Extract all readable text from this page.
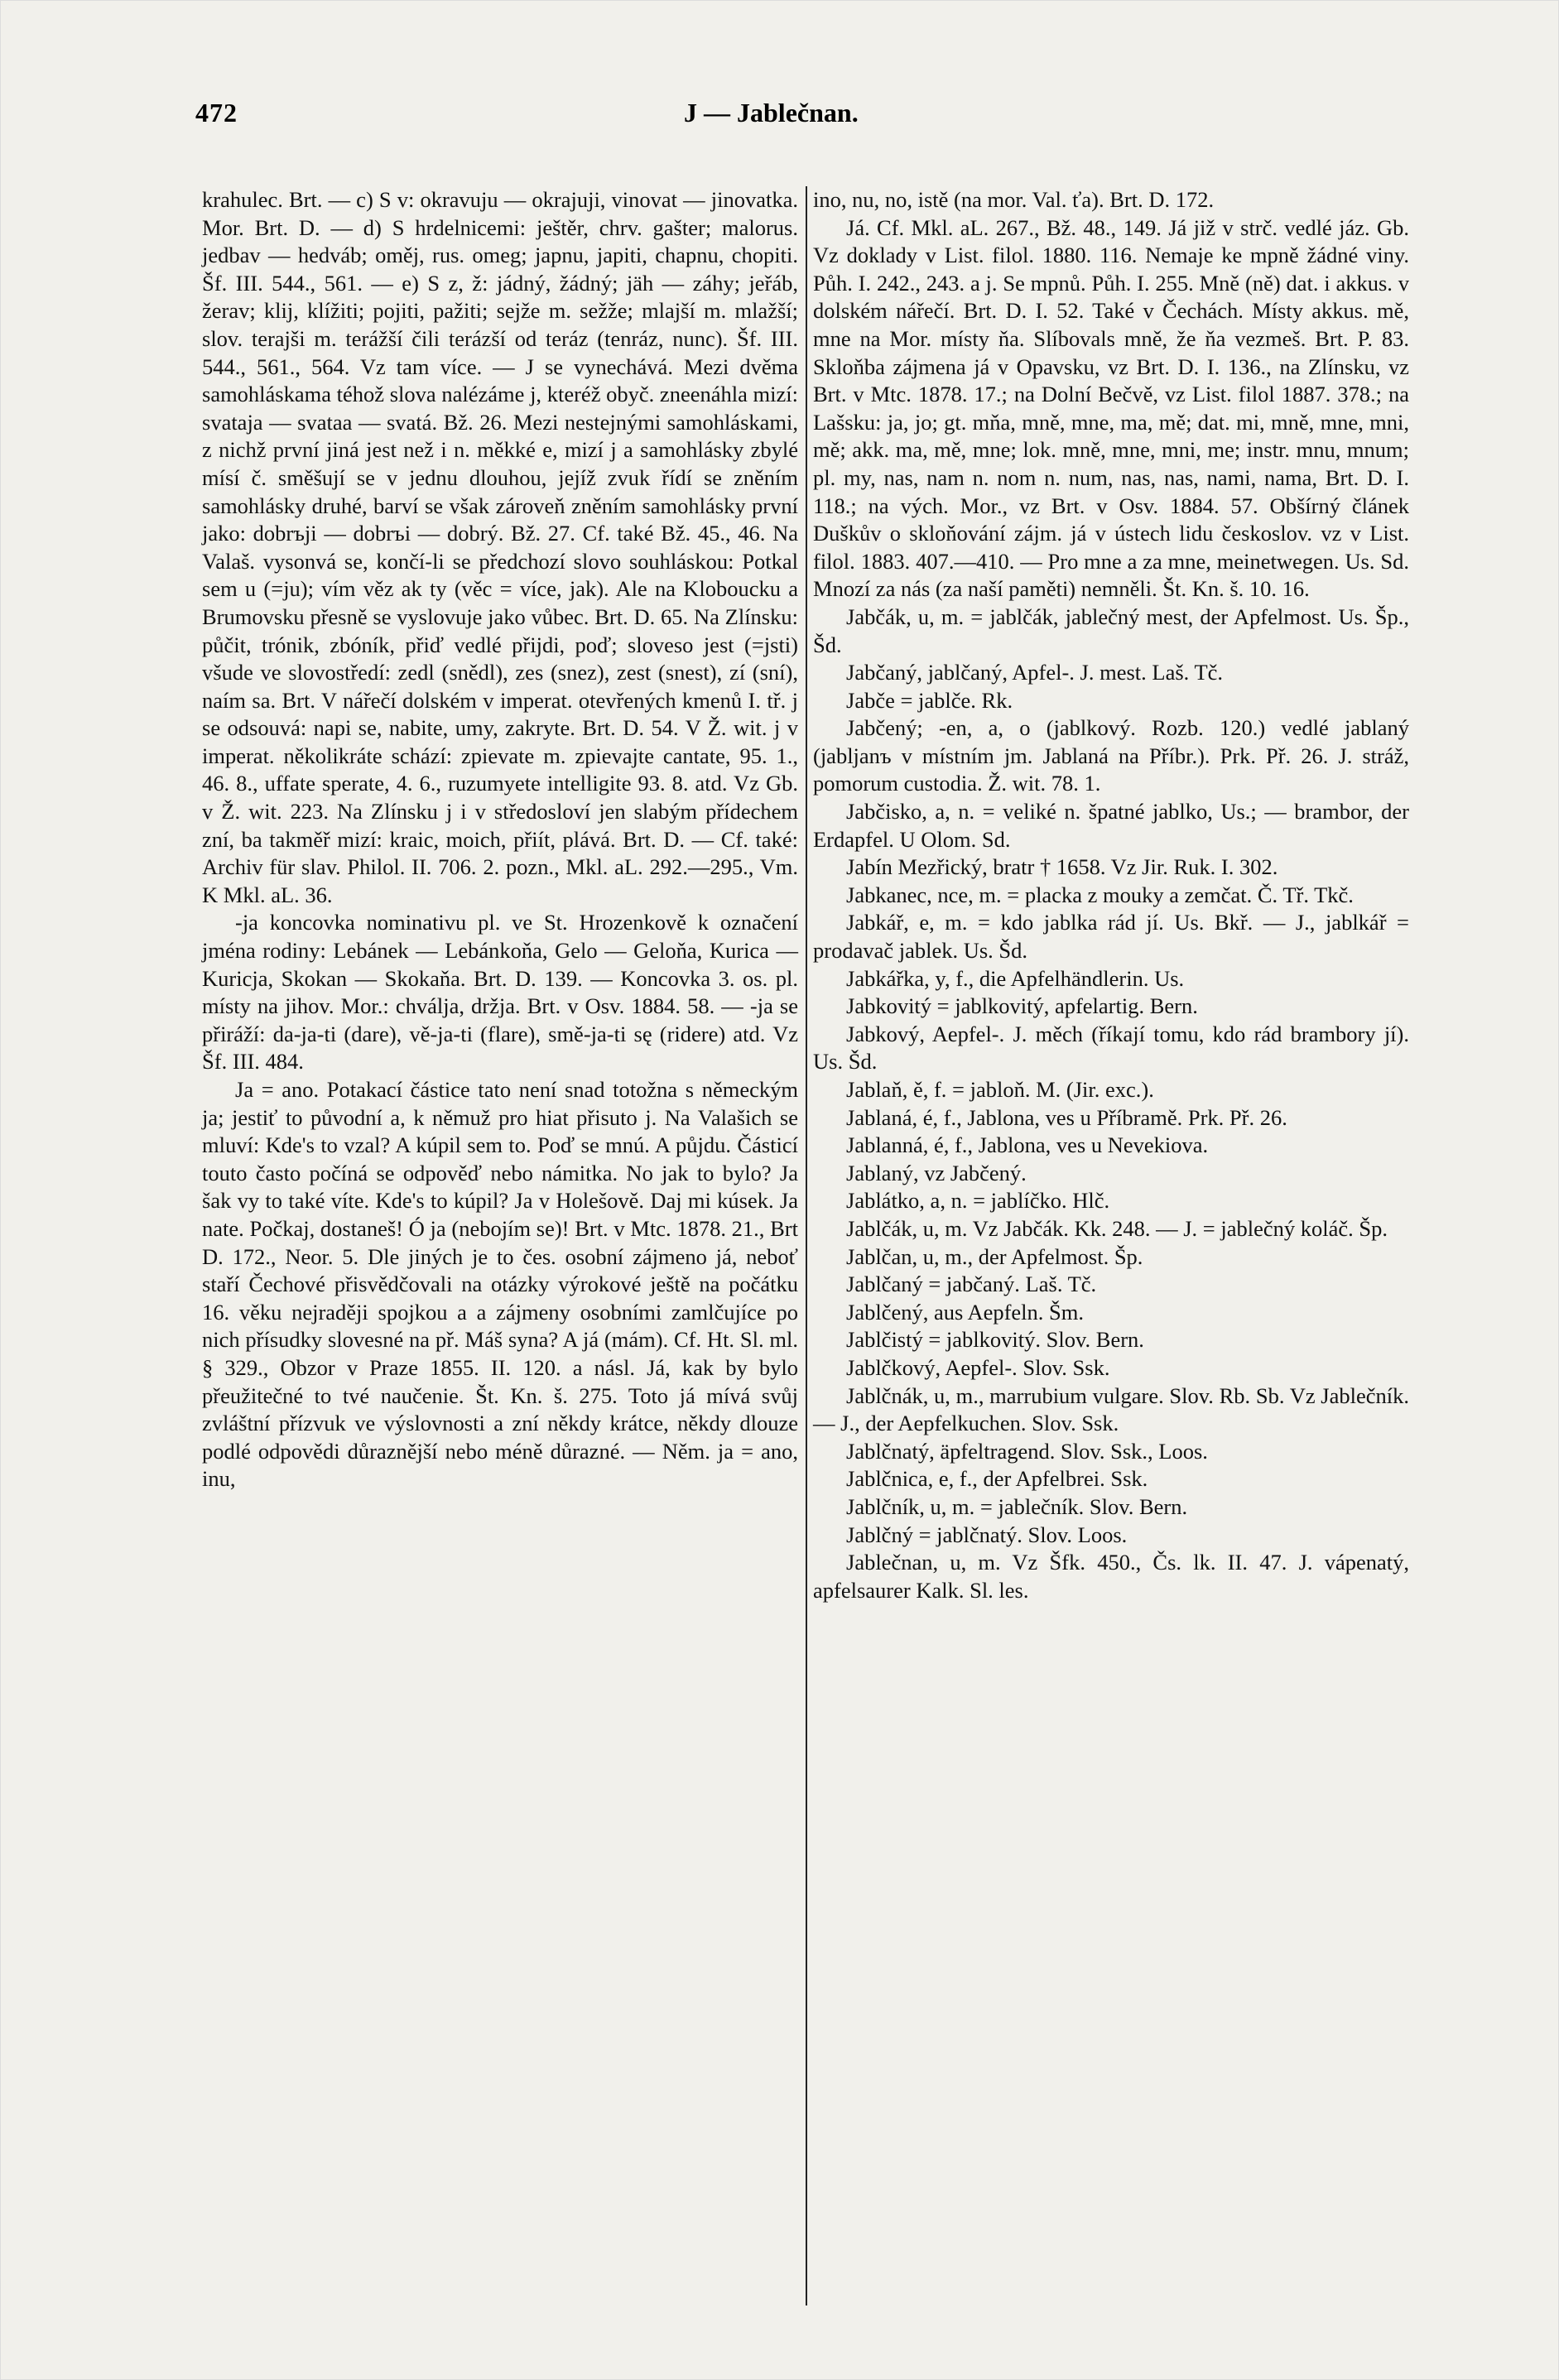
472	J — Jablečnan.

krahulec. Brt. — c) S v: okravuju — okrajuji, vinovat — jinovatka. Mor. Brt. D. — d) S hrdelnicemi: ještěr, chrv. gašter; malorus. jedbav — hedváb; oměj, rus. omeg; japnu, japiti, chapnu, chopiti. Šf. III. 544., 561. — e) S z, ž: jádný, žádný; jäh — záhy; jeřáb, žerav; klij, klížiti; pojiti, pažiti; sejže m. sežže; mlajší m. mlažší; slov. terajši m. terážší čili terázší od teráz (tenráz, nunc). Šf. III. 544., 561., 564. Vz tam více. — J se vynechává. Mezi dvěma samohláskama téhož slova nalézáme j, kteréž obyč. zneenáhla mizí: svataja — svataa — svatá. Bž. 26. Mezi nestejnými samohláskami, z nichž první jiná jest než i n. měkké e, mizí j a samohlásky zbylé mísí č. směšují se v jednu dlouhou, jejíž zvuk řídí se zněním samohlásky druhé, barví se však zároveň zněním samohlásky první jako: dobrъji — dobrъi — dobrý. Bž. 27. Cf. také Bž. 45., 46. Na Valaš. vysonvá se, končí-li se předchozí slovo souhláskou: Potkal sem u (=ju); vím věz ak ty (věc = více, jak). Ale na Kloboucku a Brumovsku přesně se vyslovuje jako vůbec. Brt. D. 65. Na Zlínsku: půčit, trónik, zbóník, přiď vedlé přijdi, poď; sloveso jest (=jsti) všude ve slovostředí: zedl (snědl), zes (snez), zest (snest), zí (sní), naím sa. Brt. V nářečí dolském v imperat. otevřených kmenů I. tř. j se odsouvá: napi se, nabite, umy, zakryte. Brt. D. 54. V Ž. wit. j v imperat. několikráte schází: zpievate m. zpievajte cantate, 95. 1., 46. 8., uffate sperate, 4. 6., ruzumyete intelligite 93. 8. atd. Vz Gb. v Ž. wit. 223. Na Zlínsku j i v středosloví jen slabým přídechem zní, ba takměř mizí: kraic, moich, přiít, plává. Brt. D. — Cf. také: Archiv für slav. Philol. II. 706. 2. pozn., Mkl. aL. 292.—295., Vm. K Mkl. aL. 36.

-ja koncovka nominativu pl. ve St. Hrozenkově k označení jména rodiny: Lebánek — Lebánkoňa, Gelo — Geloňa, Kurica — Kuricja, Skokan — Skokaňa. Brt. D. 139. — Koncovka 3. os. pl. místy na jihov. Mor.: chválja, držja. Brt. v Osv. 1884. 58. — -ja se přiráží: da-ja-ti (dare), vě-ja-ti (flare), smě-ja-ti sę (ridere) atd. Vz Šf. III. 484.

Ja = ano. Potakací částice tato není snad totožna s německým ja; jestiť to původní a, k němuž pro hiat přisuto j. Na Valašich se mluví: Kde's to vzal? A kúpil sem to. Poď se mnú. A půjdu. Částicí touto často počíná se odpověď nebo námitka. No jak to bylo? Ja šak vy to také víte. Kde's to kúpil? Ja v Holešově. Daj mi kúsek. Ja nate. Počkaj, dostaneš! Ó ja (nebojím se)! Brt. v Mtc. 1878. 21., Brt D. 172., Neor. 5. Dle jiných je to čes. osobní zájmeno já, neboť staří Čechové přisvědčovali na otázky výrokové ještě na počátku 16. věku nejraději spojkou a a zájmeny osobními zamlčujíce po nich přísudky slovesné na př. Máš syna? A já (mám). Cf. Ht. Sl. ml. § 329., Obzor v Praze 1855. II. 120. a násl. Já, kak by bylo přeužitečné to tvé naučenie. Št. Kn. š. 275. Toto já mívá svůj zvláštní přízvuk ve výslovnosti a zní někdy krátce, někdy dlouze podlé odpovědi důraznější nebo méně důrazné. — Něm. ja = ano, inu,

ino, nu, no, istě (na mor. Val. ťa). Brt. D. 172.

Já. Cf. Mkl. aL. 267., Bž. 48., 149. Já již v strč. vedlé jáz. Gb. Vz doklady v List. filol. 1880. 116. Nemaje ke mpně žádné viny. Půh. I. 242., 243. a j. Se mpnů. Půh. I. 255. Mně (ně) dat. i akkus. v dolském nářečí. Brt. D. I. 52. Také v Čechách. Místy akkus. mě, mne na Mor. místy ňa. Slíbovals mně, že ňa vezmeš. Brt. P. 83. Skloňba zájmena já v Opavsku, vz Brt. D. I. 136., na Zlínsku, vz Brt. v Mtc. 1878. 17.; na Dolní Bečvě, vz List. filol 1887. 378.; na Lašsku: ja, jo; gt. mňa, mně, mne, ma, mě; dat. mi, mně, mne, mni, mě; akk. ma, mě, mne; lok. mně, mne, mni, me; instr. mnu, mnum; pl. my, nas, nam n. nom n. num, nas, nas, nami, nama, Brt. D. I. 118.; na vých. Mor., vz Brt. v Osv. 1884. 57. Obšírný článek Duškův o skloňování zájm. já v ústech lidu českoslov. vz v List. filol. 1883. 407.—410. — Pro mne a za mne, meinetwegen. Us. Sd. Mnozí za nás (za naší paměti) nemněli. Št. Kn. š. 10. 16.

Jabčák, u, m. = jablčák, jablečný mest, der Apfelmost. Us. Šp., Šd.

Jabčaný, jablčaný, Apfel-. J. mest. Laš. Tč.

Jabče = jablče. Rk.

Jabčený; -en, a, o (jablkový. Rozb. 120.) vedlé jablaný (jabljanъ v místním jm. Jablaná na Příbr.). Prk. Př. 26. J. stráž, pomorum custodia. Ž. wit. 78. 1.

Jabčisko, a, n. = veliké n. špatné jablko, Us.; — brambor, der Erdapfel. U Olom. Sd.

Jabín Mezřický, bratr † 1658. Vz Jir. Ruk. I. 302.

Jabkanec, nce, m. = placka z mouky a zemčat. Č. Tř. Tkč.

Jabkář, e, m. = kdo jablka rád jí. Us. Bkř. — J., jablkář = prodavač jablek. Us. Šd.

Jabkářka, y, f., die Apfelhändlerin. Us.

Jabkovitý = jablkovitý, apfelartig. Bern.

Jabkový, Aepfel-. J. měch (říkají tomu, kdo rád brambory jí). Us. Šd.

Jablaň, ě, f. = jabloň. M. (Jir. exc.).

Jablaná, é, f., Jablona, ves u Příbramě. Prk. Př. 26.

Jablanná, é, f., Jablona, ves u Nevekiova.

Jablaný, vz Jabčený.

Jablátko, a, n. = jablíčko. Hlč.

Jablčák, u, m. Vz Jabčák. Kk. 248. — J. = jablečný koláč. Šp.

Jablčan, u, m., der Apfelmost. Šp.

Jablčaný = jabčaný. Laš. Tč.

Jablčený, aus Aepfeln. Šm.

Jablčistý = jablkovitý. Slov. Bern.

Jablčkový, Aepfel-. Slov. Ssk.

Jablčnák, u, m., marrubium vulgare. Slov. Rb. Sb. Vz Jablečník. — J., der Aepfelkuchen. Slov. Ssk.

Jablčnatý, äpfeltragend. Slov. Ssk., Loos.

Jablčnica, e, f., der Apfelbrei. Ssk.

Jablčník, u, m. = jablečník. Slov. Bern.

Jablčný = jablčnatý. Slov. Loos.

Jablečnan, u, m. Vz Šfk. 450., Čs. lk. II. 47. J. vápenatý, apfelsaurer Kalk. Sl. les.
